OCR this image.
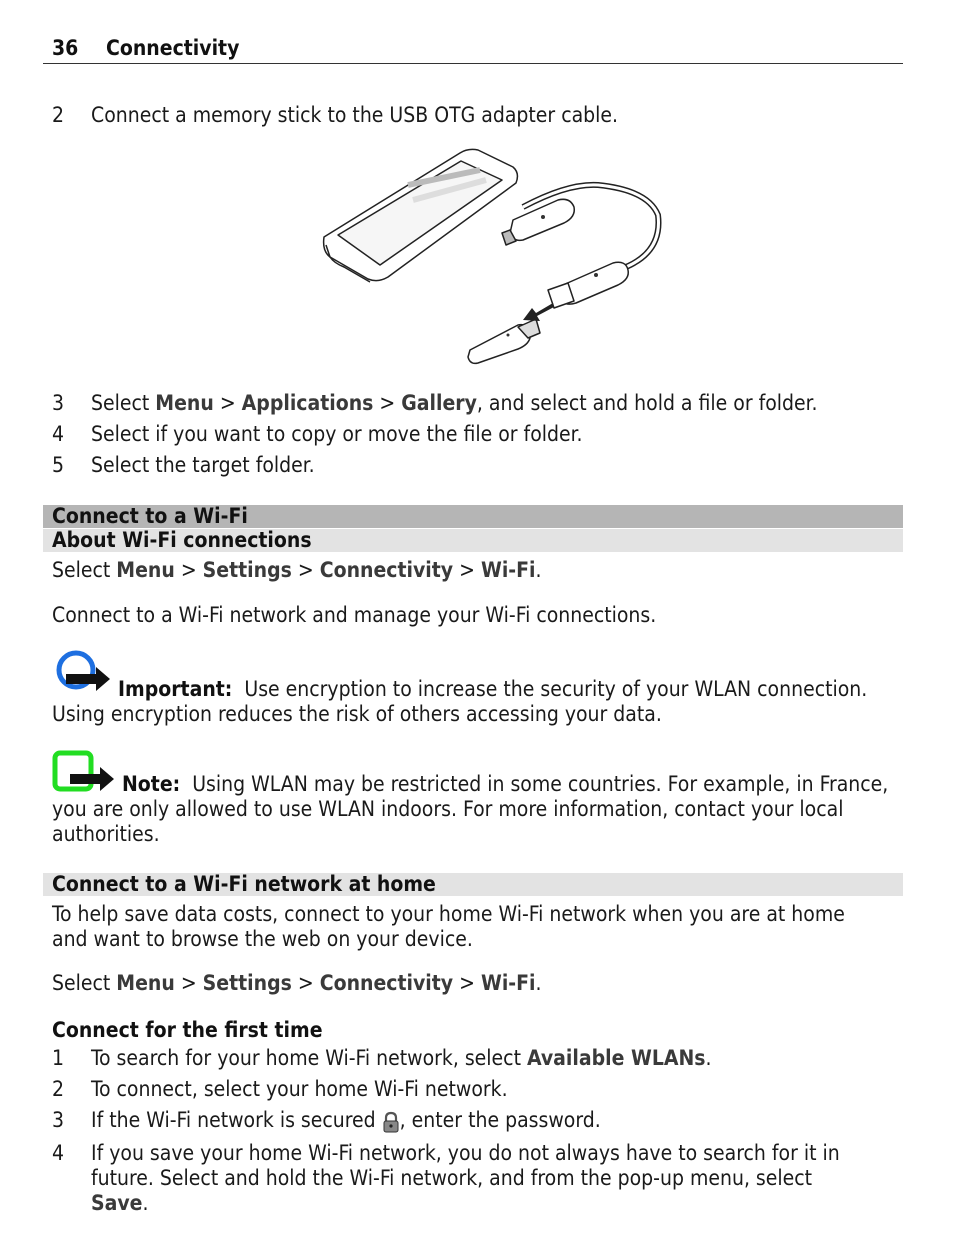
36 Connectivity
2 Connect a memory stick to the USB OTG adapter cable.
3 Select Menu > Applications > Gallery, and select and hold a file or folder.
4 Select if you want to copy or move the file or folder.
5 Select the target folder.
Connect to a Wi-Fi
About Wi-Fi connections
Select Menu > Settings > Connectivity > Wi-Fi.
Connect to a Wi-Fi network and manage your Wi-Fi connections.
Important: Use encryption to increase the security of your WLAN connection.
Using encryption reduces the risk of others accessing your data.
Note: Using WLAN may be restricted in some countries. For example, in France,
you are only allowed to use WLAN indoors. For more information, contact your local
authorities.
Connect to a Wi-Fi network at home
To help save data costs, connect to your home Wi-Fi network when you are at home
and want to browse the web on your device.
Select Menu > Settings > Connectivity > Wi-Fi.
Connect for the first time
1 To search for your home Wi-Fi network, select Available WLANs.
2 To connect, select your home Wi-Fi network.
3 If the Wi-Fi network is secured , enter the password.
4 If you save your home Wi-Fi network, you do not always have to search for it in
future. Select and hold the Wi-Fi network, and from the pop-up menu, select
Save.
